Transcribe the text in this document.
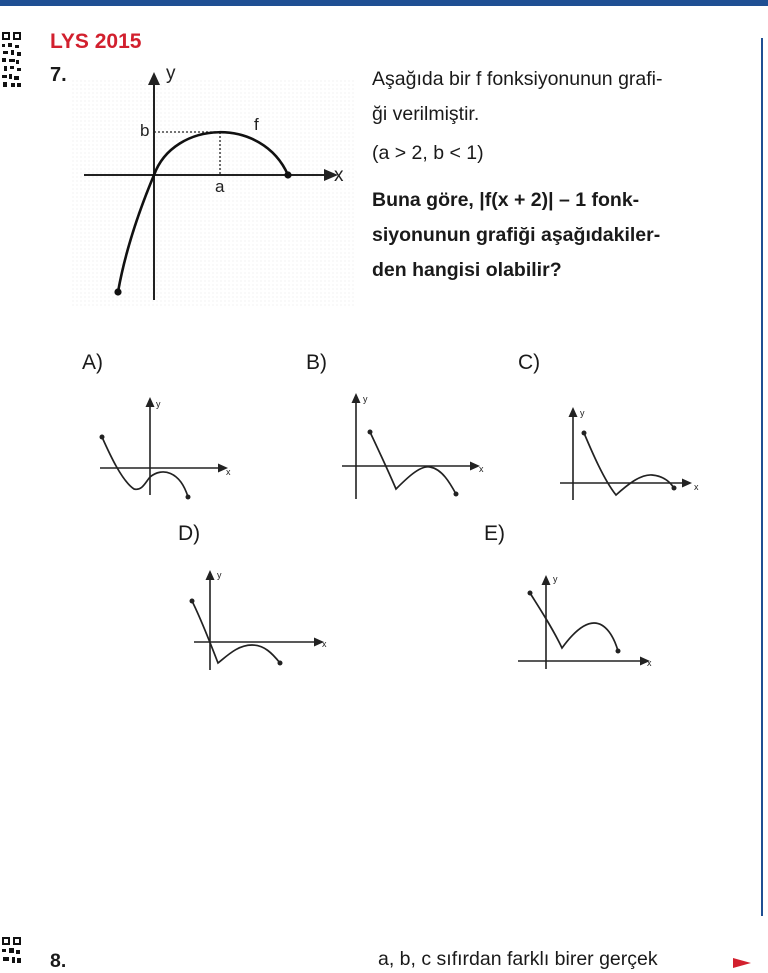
LYS 2015
7.	y
x
b
a
f

Aşağıda bir f fonksiyonunun grafi-

ği verilmiştir.

(a > 2, b < 1)

Buna göre, |f(x + 2)| – 1 fonk-
siyonunun grafiği aşağıdakiler-
den hangisi olabilir?
A)
x
y
B)
x
y
C)
x
y
D)
x
y
E)
x
y
8.	a, b, c sıfırdan farklı birer gerçek
